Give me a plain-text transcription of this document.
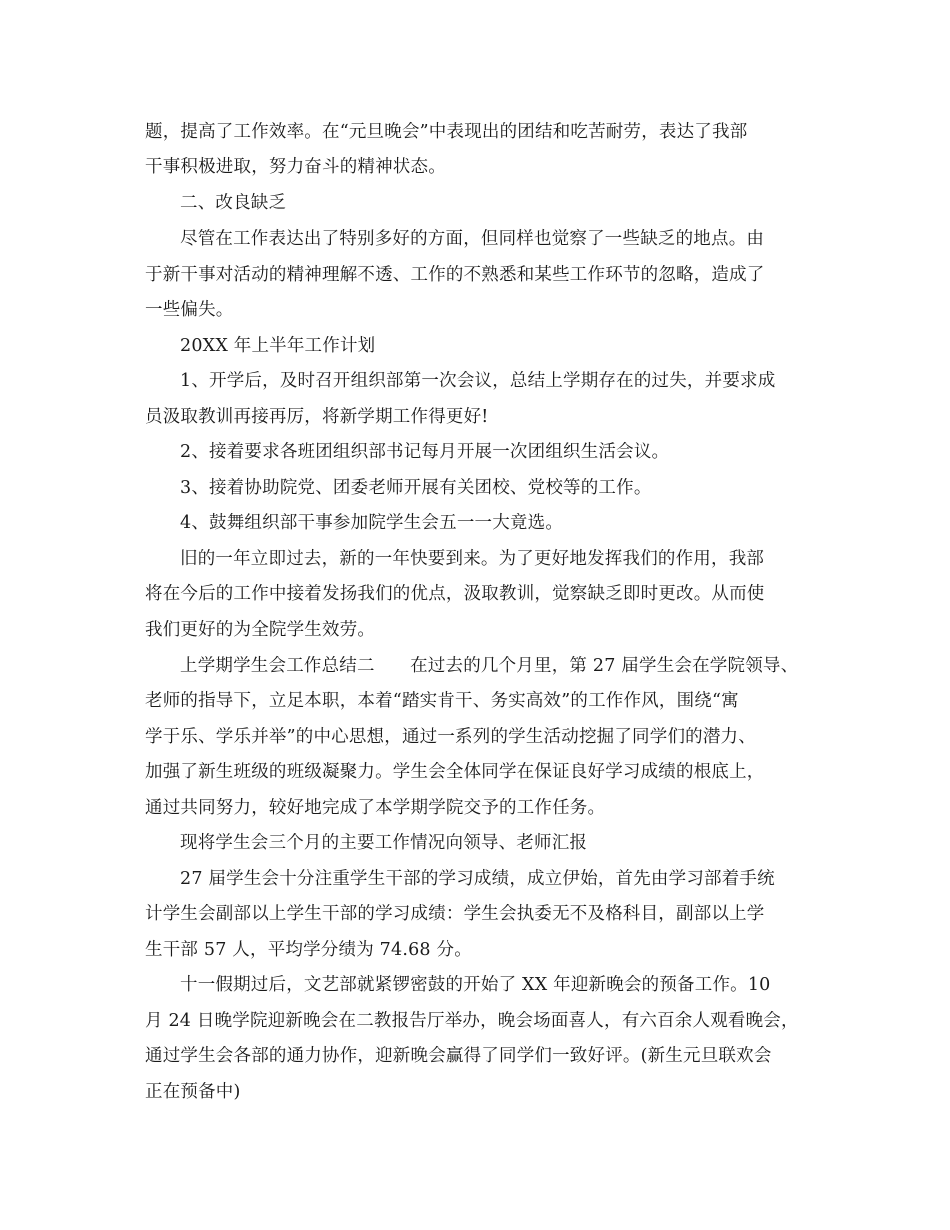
题，提高了工作效率。在“元旦晚会”中表现出的团结和吃苦耐劳，表达了我部
干事积极进取，努力奋斗的精神状态。
二、改良缺乏
尽管在工作表达出了特别多好的方面，但同样也觉察了一些缺乏的地点。由
于新干事对活动的精神理解不透、工作的不熟悉和某些工作环节的忽略，造成了
一些偏失。
20XX 年上半年工作计划
1、开学后，及时召开组织部第一次会议，总结上学期存在的过失，并要求成
员汲取教训再接再厉，将新学期工作得更好!
2、接着要求各班团组织部书记每月开展一次团组织生活会议。
3、接着协助院党、团委老师开展有关团校、党校等的工作。
4、鼓舞组织部干事参加院学生会五一一大竟选。
旧的一年立即过去，新的一年快要到来。为了更好地发挥我们的作用，我部
将在今后的工作中接着发扬我们的优点，汲取教训，觉察缺乏即时更改。从而使
我们更好的为全院学生效劳。
上学期学生会工作总结二　　在过去的几个月里，第 27 届学生会在学院领导、
老师的指导下，立足本职，本着“踏实肯干、务实高效”的工作作风，围绕“寓
学于乐、学乐并举”的中心思想，通过一系列的学生活动挖掘了同学们的潜力、
加强了新生班级的班级凝聚力。学生会全体同学在保证良好学习成绩的根底上，
通过共同努力，较好地完成了本学期学院交予的工作任务。
现将学生会三个月的主要工作情况向领导、老师汇报
27 届学生会十分注重学生干部的学习成绩，成立伊始，首先由学习部着手统
计学生会副部以上学生干部的学习成绩：学生会执委无不及格科目，副部以上学
生干部 57 人，平均学分绩为 74.68 分。
十一假期过后，文艺部就紧锣密鼓的开始了 XX 年迎新晚会的预备工作。10
月 24 日晚学院迎新晚会在二教报告厅举办，晚会场面喜人，有六百余人观看晚会，
通过学生会各部的通力协作，迎新晚会赢得了同学们一致好评。(新生元旦联欢会
正在预备中)
